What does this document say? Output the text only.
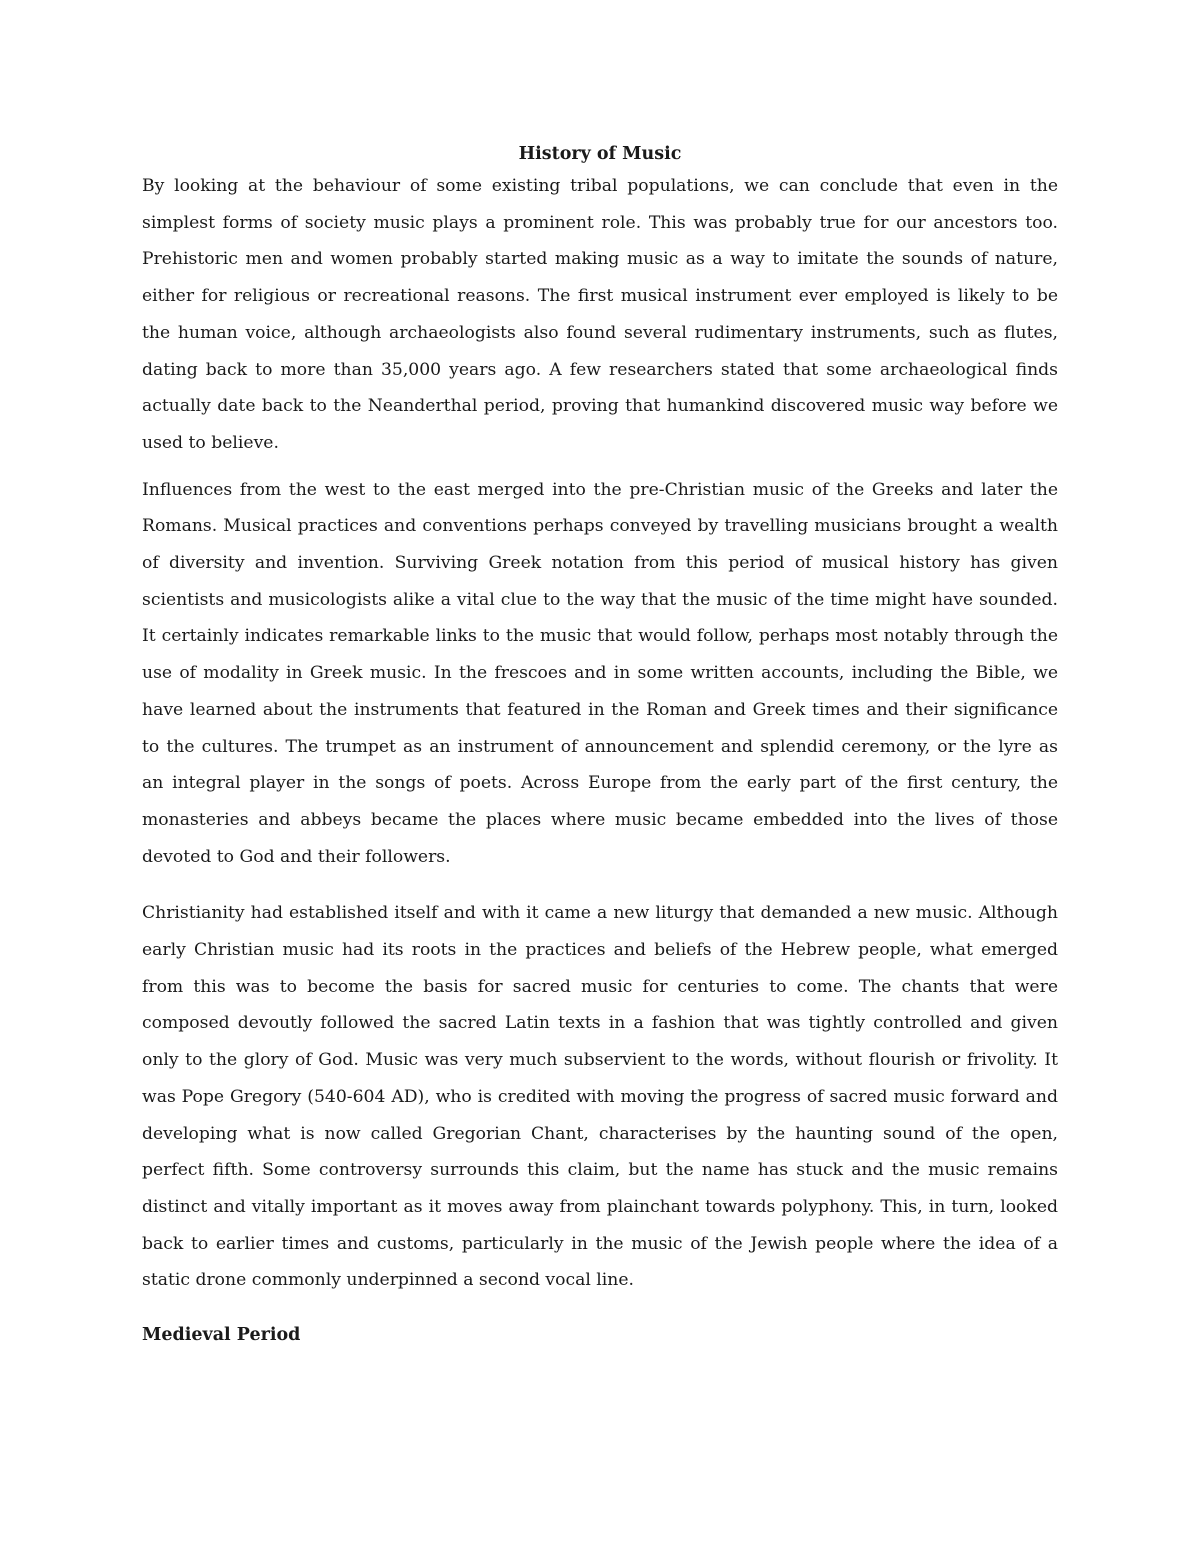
History of Music

By looking at the behaviour of some existing tribal populations, we can conclude that even in the simplest forms of society music plays a prominent role. This was probably true for our ancestors too. Prehistoric men and women probably started making music as a way to imitate the sounds of nature, either for religious or recreational reasons. The first musical instrument ever employed is likely to be the human voice, although archaeologists also found several rudimentary instruments, such as flutes, dating back to more than 35,000 years ago. A few researchers stated that some archaeological finds actually date back to the Neanderthal period, proving that humankind discovered music way before we used to believe.

Influences from the west to the east merged into the pre-Christian music of the Greeks and later the Romans. Musical practices and conventions perhaps conveyed by travelling musicians brought a wealth of diversity and invention. Surviving Greek notation from this period of musical history has given scientists and musicologists alike a vital clue to the way that the music of the time might have sounded. It certainly indicates remarkable links to the music that would follow, perhaps most notably through the use of modality in Greek music. In the frescoes and in some written accounts, including the Bible, we have learned about the instruments that featured in the Roman and Greek times and their significance to the cultures. The trumpet as an instrument of announcement and splendid ceremony, or the lyre as an integral player in the songs of poets. Across Europe from the early part of the first century, the monasteries and abbeys became the places where music became embedded into the lives of those devoted to God and their followers.

Christianity had established itself and with it came a new liturgy that demanded a new music. Although early Christian music had its roots in the practices and beliefs of the Hebrew people, what emerged from this was to become the basis for sacred music for centuries to come. The chants that were composed devoutly followed the sacred Latin texts in a fashion that was tightly controlled and given only to the glory of God. Music was very much subservient to the words, without flourish or frivolity. It was Pope Gregory (540-604 AD), who is credited with moving the progress of sacred music forward and developing what is now called Gregorian Chant, characterises by the haunting sound of the open, perfect fifth. Some controversy surrounds this claim, but the name has stuck and the music remains distinct and vitally important as it moves away from plainchant towards polyphony. This, in turn, looked back to earlier times and customs, particularly in the music of the Jewish people where the idea of a static drone commonly underpinned a second vocal line.

Medieval Period
